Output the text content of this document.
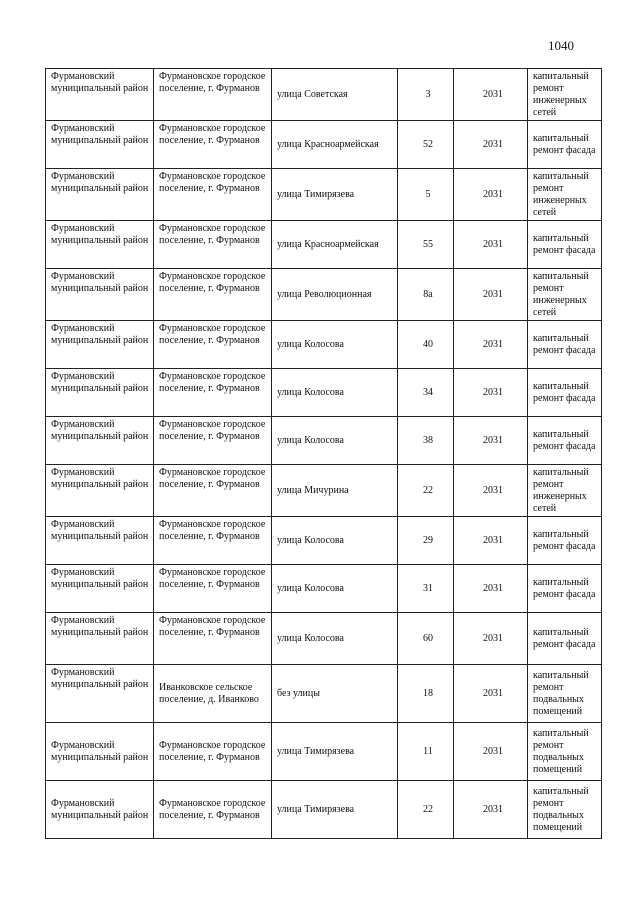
1040
Фурмановский муниципальный район	Фурмановское городское поселение, г. Фурманов	улица Советская	3	2031	капитальный ремонт инженерных сетей
Фурмановский муниципальный район	Фурмановское городское поселение, г. Фурманов	улица Красноармейская	52	2031	капитальный ремонт фасада
Фурмановский муниципальный район	Фурмановское городское поселение, г. Фурманов	улица Тимирязева	5	2031	капитальный ремонт инженерных сетей
Фурмановский муниципальный район	Фурмановское городское поселение, г. Фурманов	улица Красноармейская	55	2031	капитальный ремонт фасада
Фурмановский муниципальный район	Фурмановское городское поселение, г. Фурманов	улица Революционная	8а	2031	капитальный ремонт инженерных сетей
Фурмановский муниципальный район	Фурмановское городское поселение, г. Фурманов	улица Колосова	40	2031	капитальный ремонт фасада
Фурмановский муниципальный район	Фурмановское городское поселение, г. Фурманов	улица Колосова	34	2031	капитальный ремонт фасада
Фурмановский муниципальный район	Фурмановское городское поселение, г. Фурманов	улица Колосова	38	2031	капитальный ремонт фасада
Фурмановский муниципальный район	Фурмановское городское поселение, г. Фурманов	улица Мичурина	22	2031	капитальный ремонт инженерных сетей
Фурмановский муниципальный район	Фурмановское городское поселение, г. Фурманов	улица Колосова	29	2031	капитальный ремонт фасада
Фурмановский муниципальный район	Фурмановское городское поселение, г. Фурманов	улица Колосова	31	2031	капитальный ремонт фасада
Фурмановский муниципальный район	Фурмановское городское поселение, г. Фурманов	улица Колосова	60	2031	капитальный ремонт фасада
Фурмановский муниципальный район	Иванковское сельское поселение, д. Иванково	без улицы	18	2031	капитальный ремонт подвальных помещений
Фурмановский муниципальный район	Фурмановское городское поселение, г. Фурманов	улица Тимирязева	11	2031	капитальный ремонт подвальных помещений
Фурмановский муниципальный район	Фурмановское городское поселение, г. Фурманов	улица Тимирязева	22	2031	капитальный ремонт подвальных помещений
